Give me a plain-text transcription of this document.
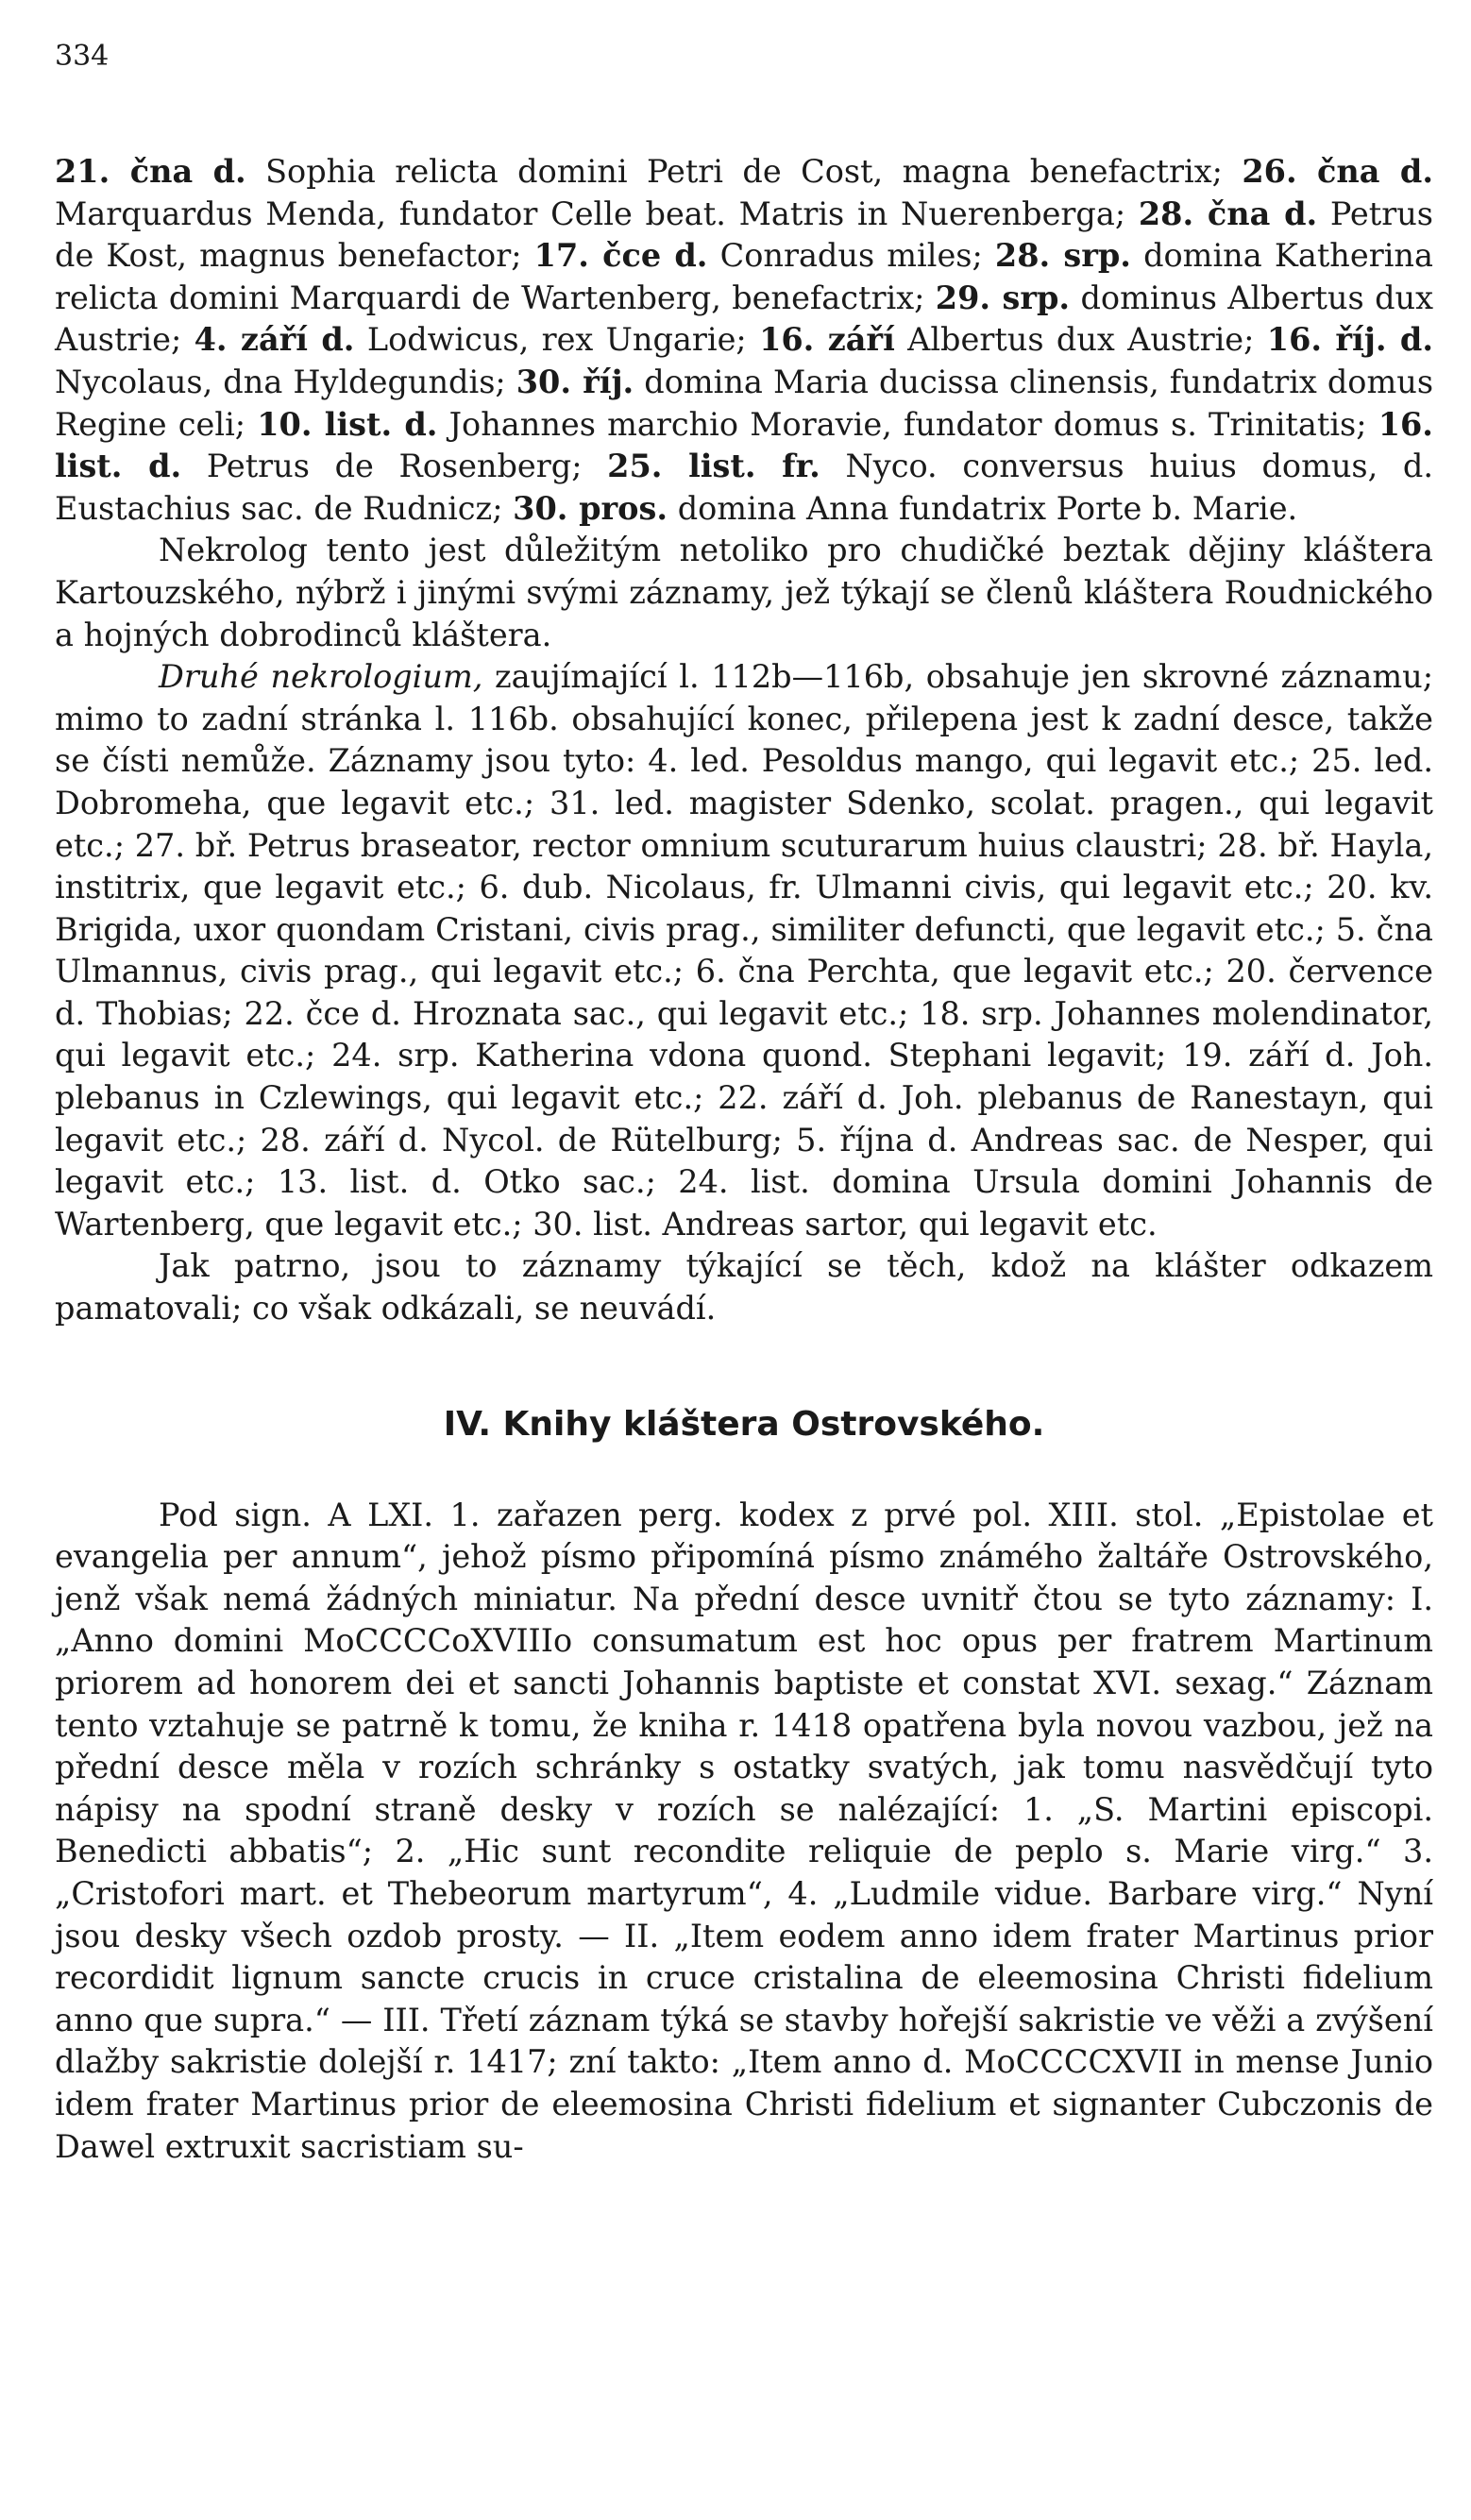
334

21. čna d. Sophia relicta domini Petri de Cost, magna benefactrix; 26. čna d. Marquardus Menda, fundator Celle beat. Matris in Nuerenberga; 28. čna d. Petrus de Kost, magnus benefactor; 17. čce d. Conradus miles; 28. srp. domina Katherina relicta domini Marquardi de Wartenberg, benefactrix; 29. srp. dominus Albertus dux Austrie; 4. září d. Lodwicus, rex Ungarie; 16. září Albertus dux Austrie; 16. říj. d. Nycolaus, dna Hyldegundis; 30. říj. domina Maria ducissa clinensis, fundatrix domus Regine celi; 10. list. d. Johannes marchio Moravie, fundator domus s. Trinitatis; 16. list. d. Petrus de Rosenberg; 25. list. fr. Nyco. conversus huius domus, d. Eustachius sac. de Rudnicz; 30. pros. domina Anna fundatrix Porte b. Marie.

Nekrolog tento jest důležitým netoliko pro chudičké beztak dějiny kláštera Kartouzského, nýbrž i jinými svými záznamy, jež týkají se členů kláštera Roudnického a hojných dobrodinců kláštera.

Druhé nekrologium, zaujímající l. 112b—116b, obsahuje jen skrovné záznamu; mimo to zadní stránka l. 116b. obsahující konec, přilepena jest k zadní desce, takže se čísti nemůže. Záznamy jsou tyto: 4. led. Pesoldus mango, qui legavit etc.; 25. led. Dobromeha, que legavit etc.; 31. led. magister Sdenko, scolat. pragen., qui legavit etc.; 27. bř. Petrus braseator, rector omnium scuturarum huius claustri; 28. bř. Hayla, institrix, que legavit etc.; 6. dub. Nicolaus, fr. Ulmanni civis, qui legavit etc.; 20. kv. Brigida, uxor quondam Cristani, civis prag., similiter defuncti, que legavit etc.; 5. čna Ulmannus, civis prag., qui legavit etc.; 6. čna Perchta, que legavit etc.; 20. července d. Thobias; 22. čce d. Hroznata sac., qui legavit etc.; 18. srp. Johannes molendinator, qui legavit etc.; 24. srp. Katherina vdona quond. Stephani legavit; 19. září d. Joh. plebanus in Czlewings, qui legavit etc.; 22. září d. Joh. plebanus de Ranestayn, qui legavit etc.; 28. září d. Nycol. de Rütelburg; 5. října d. Andreas sac. de Nesper, qui legavit etc.; 13. list. d. Otko sac.; 24. list. domina Ursula domini Johannis de Wartenberg, que legavit etc.; 30. list. Andreas sartor, qui legavit etc.

Jak patrno, jsou to záznamy týkající se těch, kdož na klášter odkazem pamatovali; co však odkázali, se neuvádí.

IV. Knihy kláštera Ostrovského.

Pod sign. A LXI. 1. zařazen perg. kodex z prvé pol. XIII. stol. „Epistolae et evangelia per annum“, jehož písmo připomíná písmo známého žaltáře Ostrovského, jenž však nemá žádných miniatur. Na přední desce uvnitř čtou se tyto záznamy: I. „Anno domini MoCCCCoXVIIIo consumatum est hoc opus per fratrem Martinum priorem ad honorem dei et sancti Johannis baptiste et constat XVI. sexag.“ Záznam tento vztahuje se patrně k tomu, že kniha r. 1418 opatřena byla novou vazbou, jež na přední desce měla v rozích schránky s ostatky svatých, jak tomu nasvědčují tyto nápisy na spodní straně desky v rozích se nalézající: 1. „S. Martini episcopi. Benedicti abbatis“; 2. „Hic sunt recondite reliquie de peplo s. Marie virg.“ 3. „Cristofori mart. et Thebeorum martyrum“, 4. „Ludmile vidue. Barbare virg.“ Nyní jsou desky všech ozdob prosty. — II. „Item eodem anno idem frater Martinus prior recordidit lignum sancte crucis in cruce cristalina de eleemosina Christi fidelium anno que supra.“ — III. Třetí záznam týká se stavby hořejší sakristie ve věži a zvýšení dlažby sakristie dolejší r. 1417; zní takto: „Item anno d. MoCCCCXVII in mense Junio idem frater Martinus prior de eleemosina Christi fidelium et signanter Cubczonis de Dawel extruxit sacristiam su-
